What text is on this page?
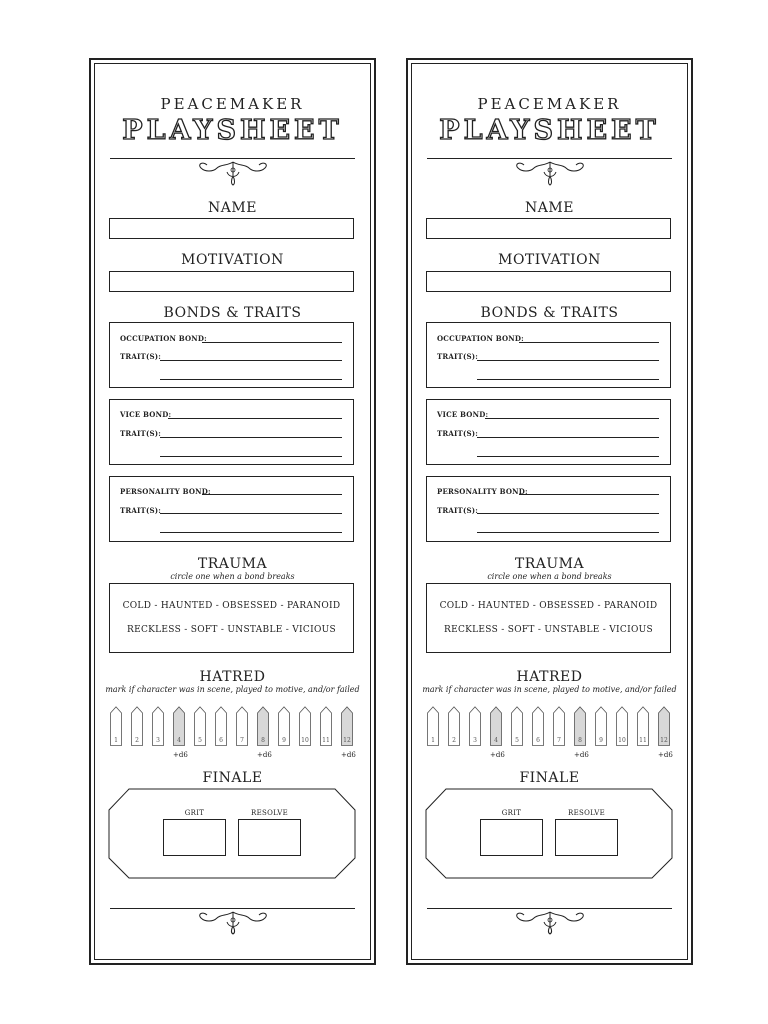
PEACEMAKER
PLAYSHEET
NAME
MOTIVATION
BONDS & TRAITS
OCCUPATION BOND:
TRAIT(S):
VICE BOND:
TRAIT(S):
PERSONALITY BOND:
TRAIT(S):
TRAUMA
circle one when a bond breaks
COLD - HAUNTED - OBSESSED - PARANOID
RECKLESS - SOFT - UNSTABLE - VICIOUS
HATRED
mark if character was in scene, played to motive, and/or failed
1	2	3	4	5	6	7	8	9	10	11	12
+d6	+d6	+d6
FINALE
GRIT	RESOLVE
PEACEMAKER
PLAYSHEET
NAME
MOTIVATION
BONDS & TRAITS
OCCUPATION BOND:
TRAIT(S):
VICE BOND:
TRAIT(S):
PERSONALITY BOND:
TRAIT(S):
TRAUMA
circle one when a bond breaks
COLD - HAUNTED - OBSESSED - PARANOID
RECKLESS - SOFT - UNSTABLE - VICIOUS
HATRED
mark if character was in scene, played to motive, and/or failed
1	2	3	4	5	6	7	8	9	10	11	12
+d6	+d6	+d6
FINALE
GRIT	RESOLVE
